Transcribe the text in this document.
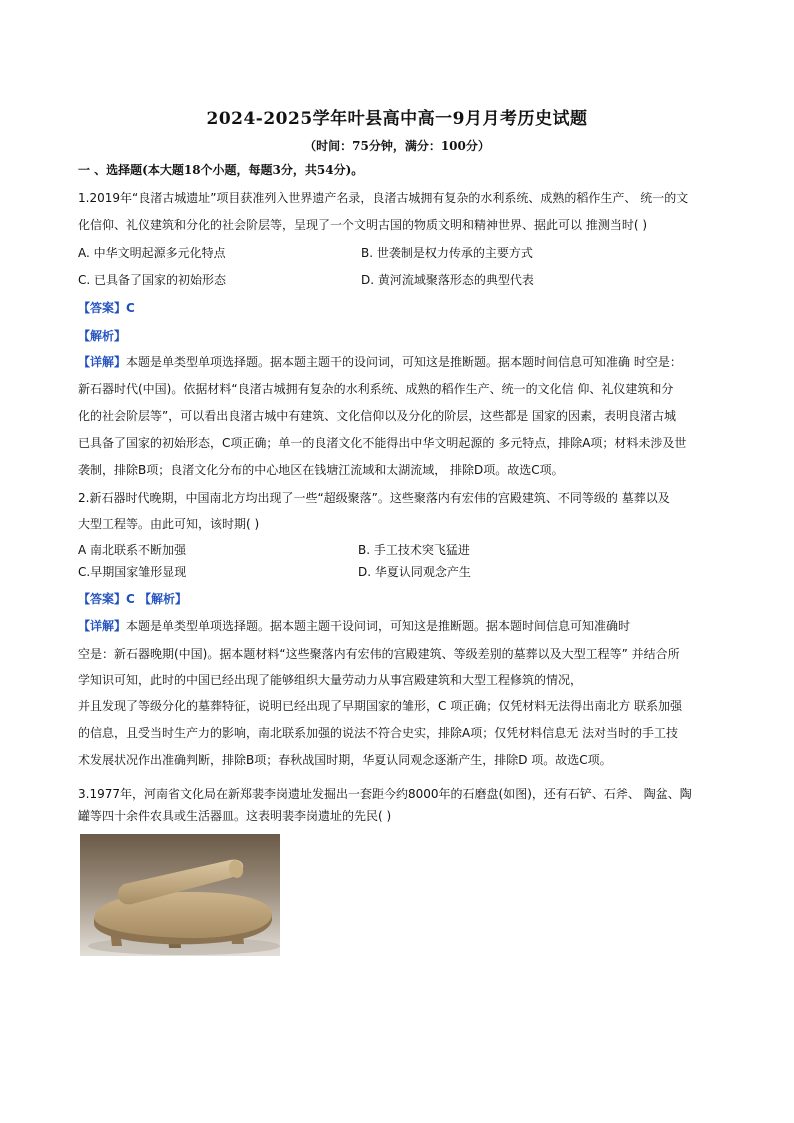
2024-2025学年叶县高中高一9月月考历史试题
（时间：75分钟，满分：100分）
一 、选择题(本大题18个小题，每题3分，共54分)。
1.2019年“良渚古城遗址”项目获准列入世界遗产名录，良渚古城拥有复杂的水利系统、成熟的稻作生产、 统一的文
化信仰、礼仪建筑和分化的社会阶层等，呈现了一个文明古国的物质文明和精神世界、据此可以 推测当时( )
A. 中华文明起源多元化特点	B. 世袭制是权力传承的主要方式
C. 已具备了国家的初始形态	D. 黄河流域聚落形态的典型代表
【答案】C
【解析】
【详解】本题是单类型单项选择题。据本题主题干的设问词，可知这是推断题。据本题时间信息可知准确 时空是：
新石器时代(中国)。依据材料“良渚古城拥有复杂的水利系统、成熟的稻作生产、统一的文化信 仰、礼仪建筑和分
化的社会阶层等”，可以看出良渚古城中有建筑、文化信仰以及分化的阶层，这些都是 国家的因素，表明良渚古城
已具备了国家的初始形态，C项正确；单一的良渚文化不能得出中华文明起源的 多元特点，排除A项；材料未涉及世
袭制，排除B项；良渚文化分布的中心地区在钱塘江流域和太湖流域， 排除D项。故选C项。
2.新石器时代晚期，中国南北方均出现了一些“超级聚落”。这些聚落内有宏伟的宫殿建筑、不同等级的 墓葬以及
大型工程等。由此可知，该时期( )
A 南北联系不断加强	B. 手工技术突飞猛进
C.早期国家雏形显现	D. 华夏认同观念产生
【答案】C 【解析】
【详解】本题是单类型单项选择题。据本题主题干设问词，可知这是推断题。据本题时间信息可知准确时
空是：新石器晚期(中国)。据本题材料“这些聚落内有宏伟的宫殿建筑、等级差别的墓葬以及大型工程等” 并结合所
学知识可知，此时的中国已经出现了能够组织大量劳动力从事宫殿建筑和大型工程修筑的情况，
并且发现了等级分化的墓葬特征，说明已经出现了早期国家的雏形，C 项正确；仅凭材料无法得出南北方 联系加强
的信息，且受当时生产力的影响，南北联系加强的说法不符合史实，排除A项；仅凭材料信息无 法对当时的手工技
术发展状况作出准确判断，排除B项；春秋战国时期，华夏认同观念逐渐产生，排除D 项。故选C项。
3.1977年，河南省文化局在新郑裴李岗遗址发掘出一套距今约8000年的石磨盘(如图)，还有石铲、石斧、 陶盆、陶
罐等四十余件农具或生活器皿。这表明裴李岗遗址的先民( )
